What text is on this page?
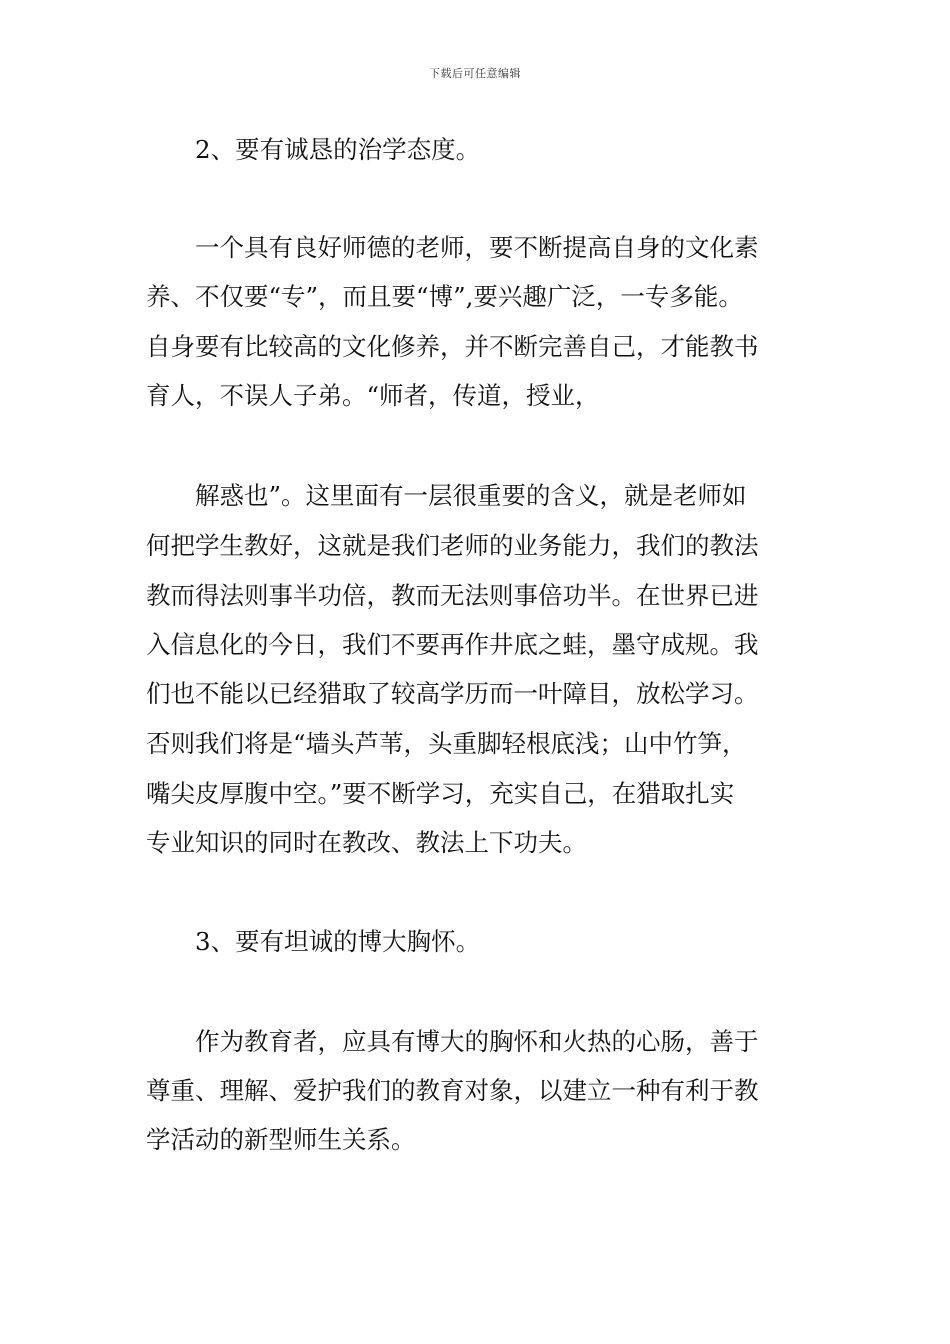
下载后可任意编辑
2、要有诚恳的治学态度。
一个具有良好师德的老师，要不断提高自身的文化素
养、不仅要“专”，而且要“博”,要兴趣广泛，一专多能。
自身要有比较高的文化修养，并不断完善自己，才能教书
育人，不误人子弟。“师者，传道，授业，
解惑也”。这里面有一层很重要的含义，就是老师如
何把学生教好，这就是我们老师的业务能力，我们的教法
教而得法则事半功倍，教而无法则事倍功半。在世界已进
入信息化的今日，我们不要再作井底之蛙，墨守成规。我
们也不能以已经猎取了较高学历而一叶障目，放松学习。
否则我们将是“墙头芦苇，头重脚轻根底浅；山中竹笋，
嘴尖皮厚腹中空。”要不断学习，充实自己，在猎取扎实
专业知识的同时在教改、教法上下功夫。
3、要有坦诚的博大胸怀。
作为教育者，应具有博大的胸怀和火热的心肠，善于
尊重、理解、爱护我们的教育对象，以建立一种有利于教
学活动的新型师生关系。
